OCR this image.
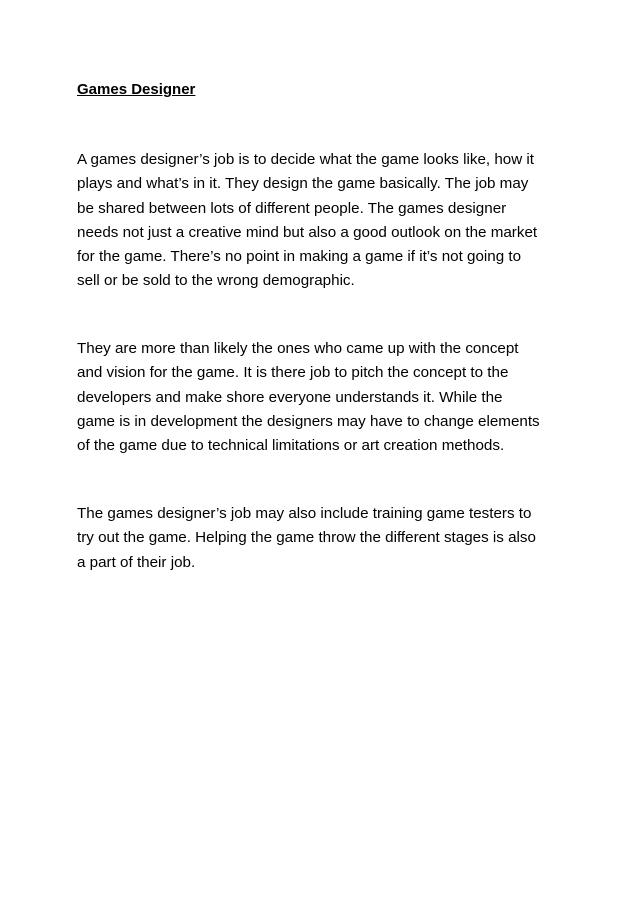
Games Designer

A games designer’s job is to decide what the game looks like, how it
plays and what’s in it. They design the game basically. The job may
be shared between lots of different people. The games designer
needs not just a creative mind but also a good outlook on the market
for the game. There’s no point in making a game if it’s not going to
sell or be sold to the wrong demographic.

They are more than likely the ones who came up with the concept
and vision for the game. It is there job to pitch the concept to the
developers and make shore everyone understands it. While the
game is in development the designers may have to change elements
of the game due to technical limitations or art creation methods.

The games designer’s job may also include training game testers to
try out the game. Helping the game throw the different stages is also
a part of their job.
